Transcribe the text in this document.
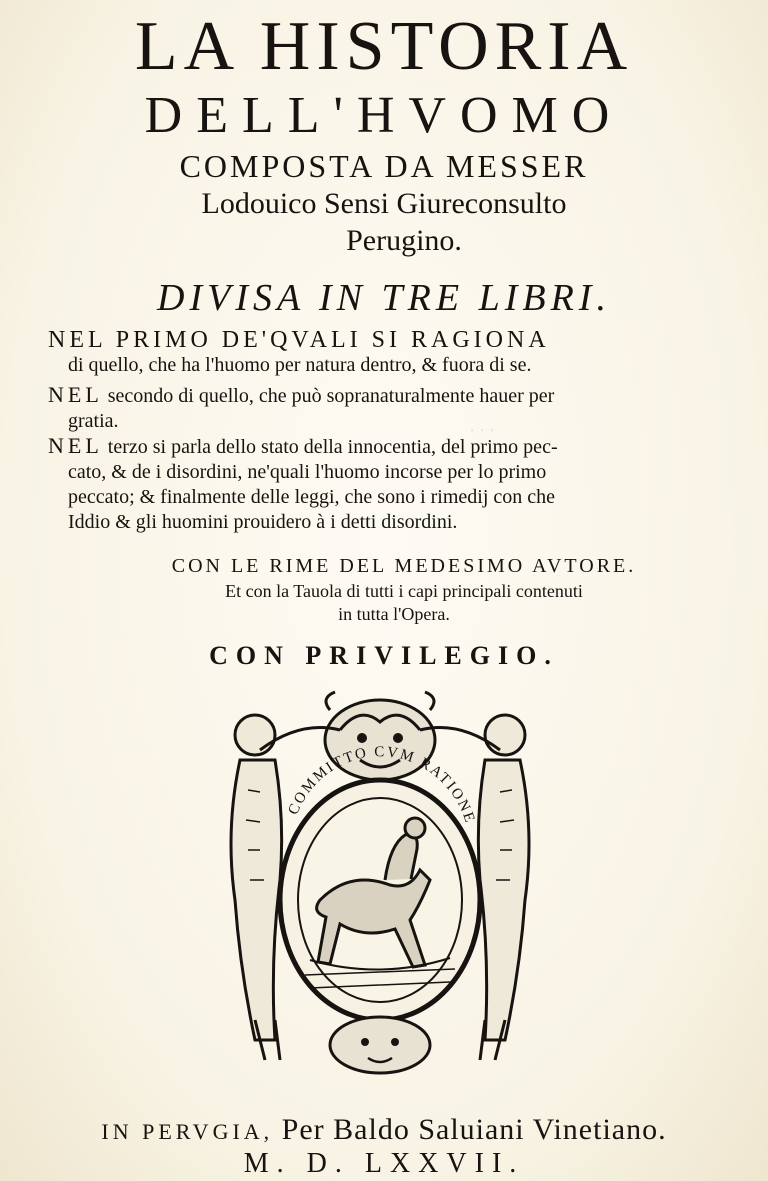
· · ·
LA HISTORIA
DELL'HVOMO
COMPOSTA DA MESSER
Lodouico Sensi Giureconsulto
Perugino.
DIVISA IN TRE LIBRI.
NEL PRIMO DE'QVALI SI RAGIONA
di quello, che ha l'huomo per natura dentro, & fuora di se.
NEL secondo di quello, che può sopranaturalmente hauer per
gratia.
NEL terzo si parla dello stato della innocentia, del primo pec-
cato, & de i disordini, ne'quali l'huomo incorse per lo primo
peccato; & finalmente delle leggi, che sono i rimedij con che
Iddio & gli huomini prouidero à i detti disordini.
CON LE RIME DEL MEDESIMO AVTORE.
Et con la Tauola di tutti i capi principali contenuti
in tutta l'Opera.
CON PRIVILEGIO.
COMMITTO CVM RATIONE
IN PERVGIA, Per Baldo Saluiani Vinetiano.
M. D. LXXVII.
